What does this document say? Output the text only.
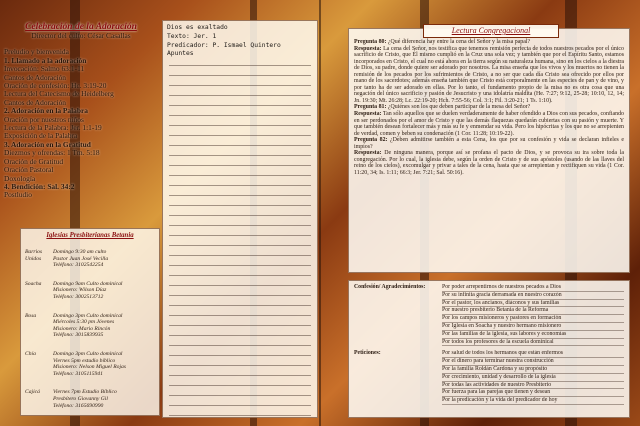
Celebración de la Adoración
Director del culto: César Casallas
Preludio y bienvenida
1. Llamado a la adoración
Invocación: Salmo 63:1-11
Cantos de Adoración
Oración de confesión: Hc. 3:19-20
Lectura del Catecismo de Heidelberg
Cantos de Adoración
2. Adoración en la Palabra
Oración por nuestros niños
Lectura de la Palabra: Jer. 1:1-19
Exposición de la Palabra
3. Adoración en la Gratitud
Diezmos y ofrendas: 1 Tm. 5:18
Oración de Gratitud
Oración Pastoral
Doxología
4. Bendición: Sal. 34:2
Postludio
Iglesias Presbiterianas Betania
Barrios Unidos
Domingo 9:30 am culto
Pastor Juan José Vecilla
Teléfono: 3102542254
Soacha	Domingo 9am Culto dominical
Misionero: Wilson Díaz
Teléfono: 3002513712
Bosa	Domingo 3pm Culto dominical
Miércoles 5:30 pm Jóvenes
Misionero: Mario Rincón
Teléfono: 3015839935
Chía	Domingo 3pm Culto dominical
Viernes 5pm estudio bíblico
Misionero: Nelson Miguel Rojas
Teléfono: 3105115941
Cajicá	Viernes 7pm Estudio Bíblico
Presbítero Giovanny Gil
Teléfono: 3165690990
Dios es exaltado
Texto: Jer. 1
Predicador: P. Ismael Quintero
Apuntes
Lectura Congregacional

Pregunta 80: ¿Qué diferencia hay entre la cena del Señor y la misa papal?

Respuesta: La cena del Señor, nos testifica que tenemos remisión perfecta de todos nuestros pecados por el único sacrificio de Cristo, que Él mismo cumplió en la Cruz una sola vez; y también que por el Espíritu Santo, estamos incorporados en Cristo, el cual no está ahora en la tierra según su naturaleza humana, sino en los cielos a la diestra de Dios, su padre, donde quiere ser adorado por nosotros. La misa enseña que los vivos y los muertos no tienen la remisión de los pecados por los sufrimientos de Cristo, a no ser que cada día Cristo sea ofrecido por ellos por mano de los sacerdotes; además enseña también que Cristo está corporalmente en las especies de pan y de vino, y por tanto ha de ser adorado en ellas. Por lo tanto, el fundamento propio de la misa no es otra cosa que una negación del único sacrificio y pasión de Jesucristo y una idolatría maldita (He. 7:27; 9:12, 25-28; 10:10, 12, 14; Jn. 19:30; Mt. 26:28; Lc. 22:19-20; Hch. 7:55-56; Col. 3:1; Fil. 3:20-21; 1 Ts. 1:10).

Pregunta 81: ¿Quiénes son los que deben participar de la mesa del Señor?

Respuesta: Tan sólo aquellos que se duelen verdaderamente de haber ofendido a Dios con sus pecados, confiando en ser perdonados por el amor de Cristo y que las demás flaquezas quedarán cubiertas con su pasión y muerte. Y que también desean fortalecer más y más su fe y enmendar su vida. Pero los hipócritas y los que no se arrepienten de verdad, comen y beben su condenación (1 Cor. 11:28; 10:19-22).

Pregunta 82: ¿Deben admitirse también a esta Cena, los que por su confesión y vida se declaran infieles e impíos?

Respuesta: De ninguna manera, porque así se profana el pacto de Dios, y se provoca su ira sobre toda la congregación. Por lo cual, la iglesia debe, según la orden de Cristo y de sus apóstoles (usando de las llaves del reino de los cielos), excomulgar y privar a tales de la cena, hasta que se arrepientan y rectifiquen su vida (1 Cor. 11:20, 34; Is. 1:11; 66:3; Jer. 7:21; Sal. 50:16).

Confesión/ Agradecimientos:	Por poder arrepentirnos de nuestros pecados a Dios
Por su infinita gracia derramada en nuestro corazón
Por el pastor, los ancianos, diáconos y sus familias
Por nuestro presbiterio Betania de la Reforma
Por los campos misioneros y pastores en formación
Por Iglesia en Soacha y nuestro hermano misionero
Por las familias de la iglesia, sus labores y economías
Por todos los profesores de la escuela dominical
Peticiones:	Por salud de todos los hermanos que están enfermos
Por el dinero para terminar nuestra construcción
Por la familia Roldán Cardona y su propósito
Por crecimiento, unidad y desarrollo de la iglesia
Por todas las actividades de nuestro Presbiterio
Por fuerza para las parejas que tienen y desean
Por la predicación y la vida del predicador de hoy
